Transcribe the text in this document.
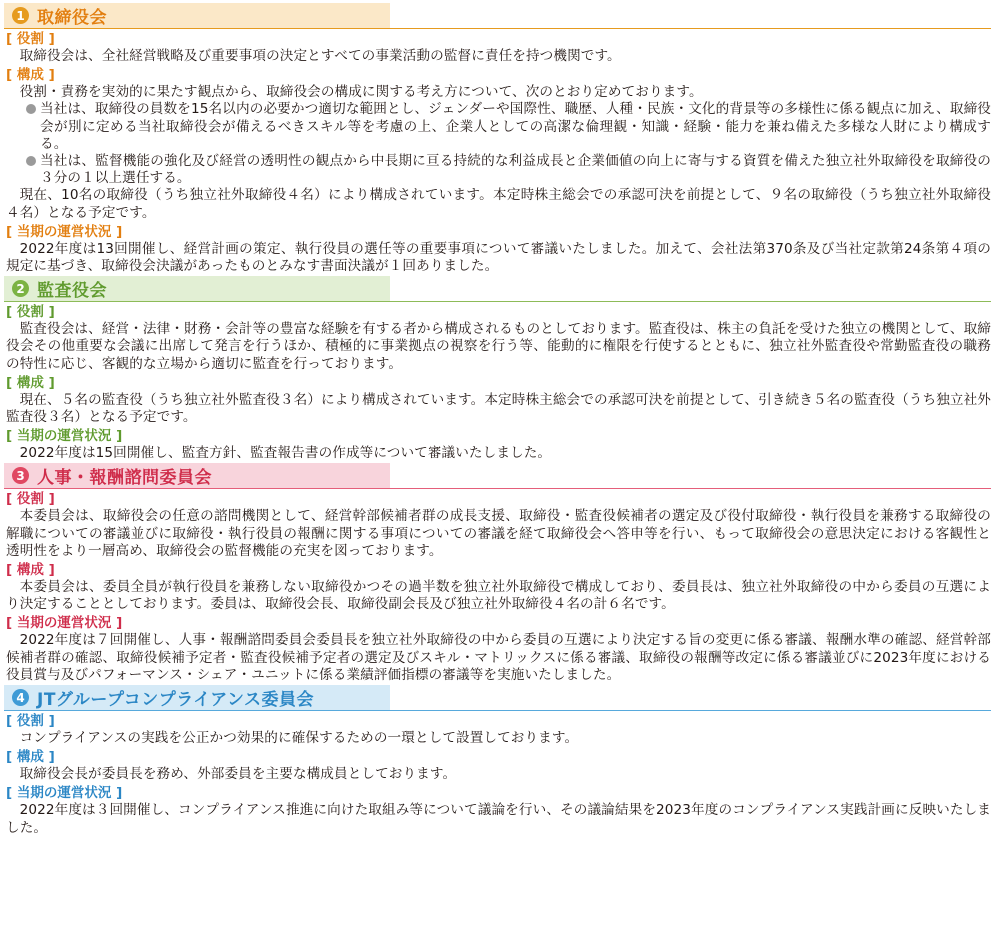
1 取締役会
[ 役割 ]
取締役会は、全社経営戦略及び重要事項の決定とすべての事業活動の監督に責任を持つ機関です。
[ 構成 ]
役割・責務を実効的に果たす観点から、取締役会の構成に関する考え方について、次のとおり定めております。
当社は、取締役の員数を15名以内の必要かつ適切な範囲とし、ジェンダーや国際性、職歴、人種・民族・文化的背景等の多様性に係る観点に加え、取締役会が別に定める当社取締役会が備えるべきスキル等を考慮の上、企業人としての高潔な倫理観・知識・経験・能力を兼ね備えた多様な人財により構成する。
当社は、監督機能の強化及び経営の透明性の観点から中長期に亘る持続的な利益成長と企業価値の向上に寄与する資質を備えた独立社外取締役を取締役の３分の１以上選任する。
現在、10名の取締役（うち独立社外取締役４名）により構成されています。本定時株主総会での承認可決を前提として、９名の取締役（うち独立社外取締役４名）となる予定です。
[ 当期の運営状況 ]
2022年度は13回開催し、経営計画の策定、執行役員の選任等の重要事項について審議いたしました。加えて、会社法第370条及び当社定款第24条第４項の規定に基づき、取締役会決議があったものとみなす書面決議が１回ありました。
2 監査役会
[ 役割 ]
監査役会は、経営・法律・財務・会計等の豊富な経験を有する者から構成されるものとしております。監査役は、株主の負託を受けた独立の機関として、取締役会その他重要な会議に出席して発言を行うほか、積極的に事業拠点の視察を行う等、能動的に権限を行使するとともに、独立社外監査役や常勤監査役の職務の特性に応じ、客観的な立場から適切に監査を行っております。
[ 構成 ]
現在、５名の監査役（うち独立社外監査役３名）により構成されています。本定時株主総会での承認可決を前提として、引き続き５名の監査役（うち独立社外監査役３名）となる予定です。
[ 当期の運営状況 ]
2022年度は15回開催し、監査方針、監査報告書の作成等について審議いたしました。
3 人事・報酬諮問委員会
[ 役割 ]
本委員会は、取締役会の任意の諮問機関として、経営幹部候補者群の成長支援、取締役・監査役候補者の選定及び役付取締役・執行役員を兼務する取締役の解職についての審議並びに取締役・執行役員の報酬に関する事項についての審議を経て取締役会へ答申等を行い、もって取締役会の意思決定における客観性と透明性をより一層高め、取締役会の監督機能の充実を図っております。
[ 構成 ]
本委員会は、委員全員が執行役員を兼務しない取締役かつその過半数を独立社外取締役で構成しており、委員長は、独立社外取締役の中から委員の互選により決定することとしております。委員は、取締役会長、取締役副会長及び独立社外取締役４名の計６名です。
[ 当期の運営状況 ]
2022年度は７回開催し、人事・報酬諮問委員会委員長を独立社外取締役の中から委員の互選により決定する旨の変更に係る審議、報酬水準の確認、経営幹部候補者群の確認、取締役候補予定者・監査役候補予定者の選定及びスキル・マトリックスに係る審議、取締役の報酬等改定に係る審議並びに2023年度における役員賞与及びパフォーマンス・シェア・ユニットに係る業績評価指標の審議等を実施いたしました。
4 JTグループコンプライアンス委員会
[ 役割 ]
コンプライアンスの実践を公正かつ効果的に確保するための一環として設置しております。
[ 構成 ]
取締役会長が委員長を務め、外部委員を主要な構成員としております。
[ 当期の運営状況 ]
2022年度は３回開催し、コンプライアンス推進に向けた取組み等について議論を行い、その議論結果を2023年度のコンプライアンス実践計画に反映いたしました。
